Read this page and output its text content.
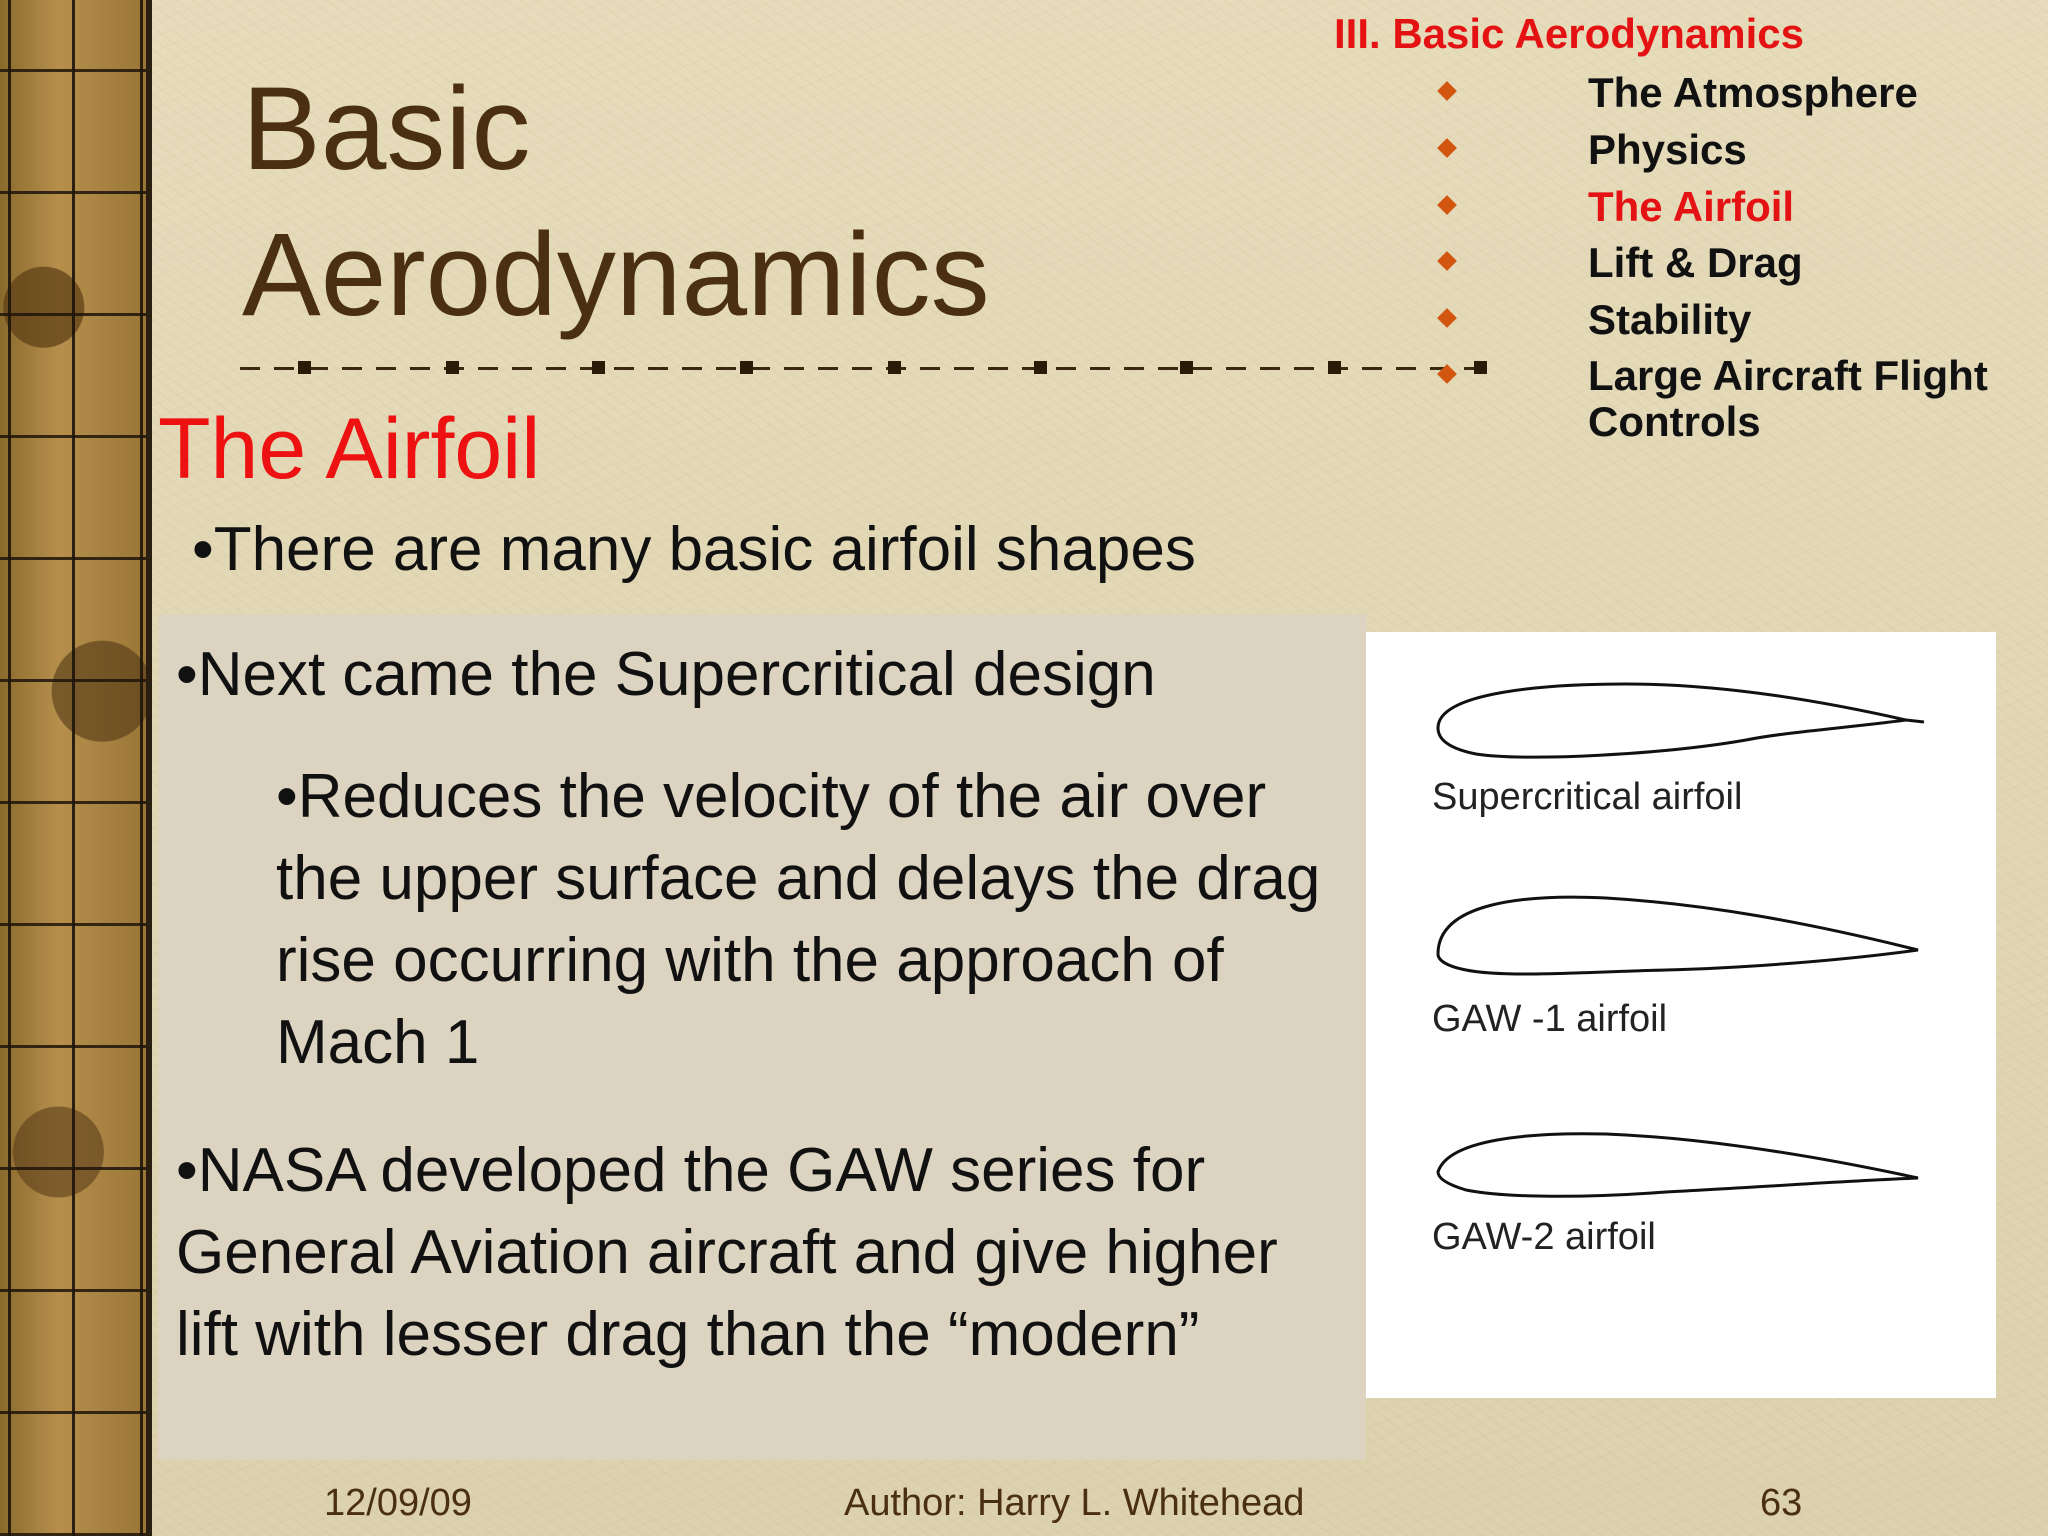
Basic
Aerodynamics
The Airfoil
•There are many basic airfoil shapes
•Next came the Supercritical design
•Reduces the velocity of the air over the upper surface and delays the drag rise occurring with the approach of Mach 1
•NASA developed the GAW series for General Aviation aircraft and give higher lift with lesser drag than the “modern”
Supercritical airfoil
GAW -1 airfoil
GAW-2 airfoil
III. Basic Aerodynamics
The Atmosphere
Physics
The Airfoil
Lift & Drag
Stability
Large Aircraft Flight Controls
12/09/09	Author: Harry L. Whitehead	63
